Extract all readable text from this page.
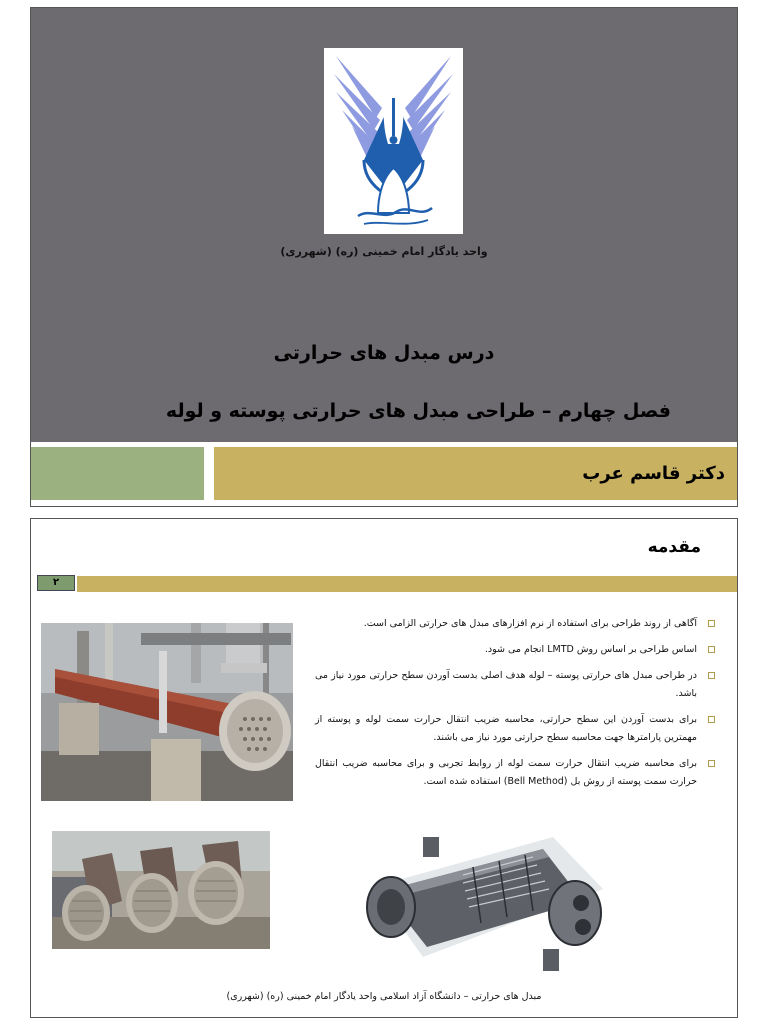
واحد یادگار امام خمینی (ره) (شهرری)
درس مبدل های حرارتی
فصل چهارم – طراحی مبدل های حرارتی پوسته و لوله
دکتر قاسم عرب
مقدمه
۲
آگاهی از روند طراحی برای استفاده از نرم افزارهای مبدل های حرارتی الزامی است.
اساس طراحی بر اساس روش LMTD انجام می شود.
در طراحی مبدل های حرارتی پوسته – لوله هدف اصلی بدست آوردن سطح حرارتی مورد نیاز می باشد.
برای بدست آوردن این سطح حرارتی، محاسبه ضریب انتقال حرارت سمت لوله و پوسته از مهمترین پارامترها جهت محاسبه سطح حرارتی مورد نیاز می باشند.
برای محاسبه ضریب انتقال حرارت سمت لوله از روابط تجربی و برای محاسبه ضریب انتقال حرارت سمت پوسته از روش بل (Bell Method) استفاده شده است.
مبدل های حرارتی – دانشگاه آزاد اسلامی واحد یادگار امام خمینی (ره) (شهرری)
